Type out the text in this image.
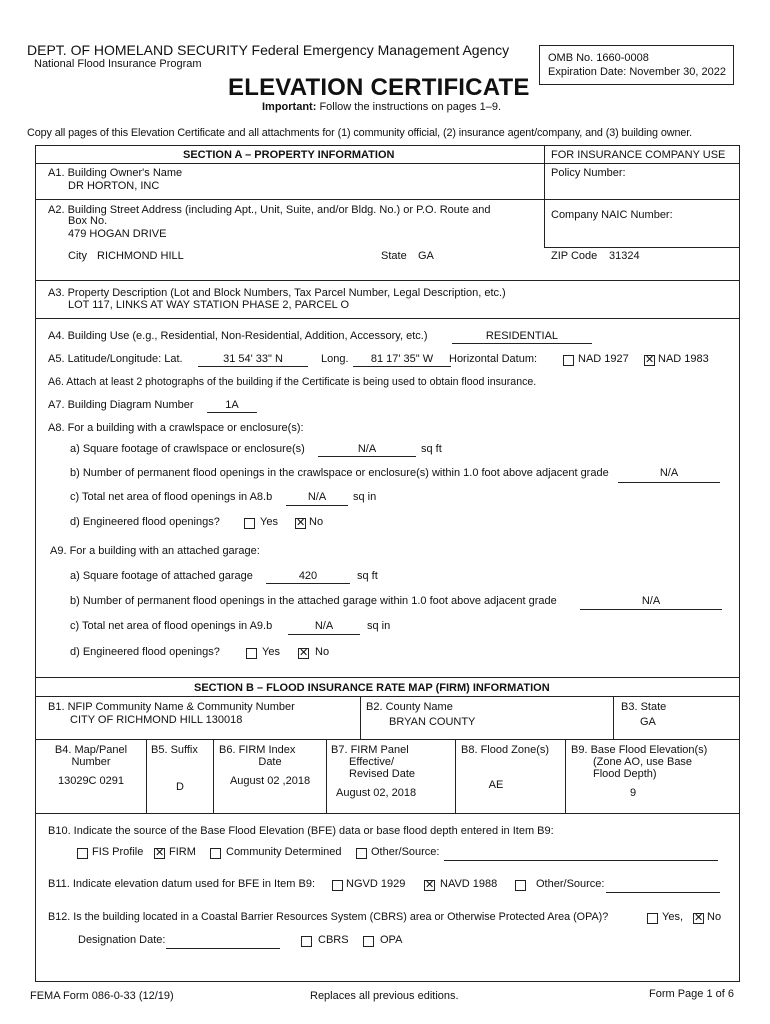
DEPT. OF HOMELAND SECURITY Federal Emergency Management Agency
National Flood Insurance Program	OMB No. 1660-0008
Expiration Date: November 30, 2022
ELEVATION CERTIFICATE
Important: Follow the instructions on pages 1–9.
Copy all pages of this Elevation Certificate and all attachments for (1) community official, (2) insurance agent/company, and (3) building owner.
SECTION A – PROPERTY INFORMATION	FOR INSURANCE COMPANY USE
A1. Building Owner's Name
DR HORTON, INC
Policy Number:
A2. Building Street Address (including Apt., Unit, Suite, and/or Bldg. No.) or P.O. Route and
Box No.
479 HOGAN DRIVE
Company NAIC Number:
City RICHMOND HILL	State GA	ZIP Code 31324
A3. Property Description (Lot and Block Numbers, Tax Parcel Number, Legal Description, etc.)
LOT 117, LINKS AT WAY STATION PHASE 2, PARCEL O
A4. Building Use (e.g., Residential, Non-Residential, Addition, Accessory, etc.)	RESIDENTIAL
A5. Latitude/Longitude: Lat.	31 54' 33" N	Long.	81 17' 35" W	Horizontal Datum:	NAD 1927 ✕ NAD 1983
A6. Attach at least 2 photographs of the building if the Certificate is being used to obtain flood insurance.
A7. Building Diagram Number	1A
A8. For a building with a crawlspace or enclosure(s):
a) Square footage of crawlspace or enclosure(s)	N/A	sq ft
b) Number of permanent flood openings in the crawlspace or enclosure(s) within 1.0 foot above adjacent grade	N/A
c) Total net area of flood openings in A8.b	N/A	sq in
d) Engineered flood openings?	Yes ✕ No
A9. For a building with an attached garage:
a) Square footage of attached garage	420	sq ft
b) Number of permanent flood openings in the attached garage within 1.0 foot above adjacent grade	N/A
c) Total net area of flood openings in A9.b	N/A	sq in
d) Engineered flood openings?	Yes ✕ No
SECTION B – FLOOD INSURANCE RATE MAP (FIRM) INFORMATION
B1. NFIP Community Name & Community Number
CITY OF RICHMOND HILL 130018
B2. County Name
BRYAN COUNTY
B3. State
GA
B4. Map/Panel
Number
13029C 0291
B5. Suffix
D
B6. FIRM Index
Date
August 02 ,2018
B7. FIRM Panel
Effective/
Revised Date
August 02, 2018
B8. Flood Zone(s)
AE
B9. Base Flood Elevation(s)
(Zone AO, use Base
Flood Depth)
9
B10. Indicate the source of the Base Flood Elevation (BFE) data or base flood depth entered in Item B9:
FIS Profile ✕ FIRM	Community Determined	Other/Source:
B11. Indicate elevation datum used for BFE in Item B9:	NGVD 1929 ✕ NAVD 1988	Other/Source:
B12. Is the building located in a Coastal Barrier Resources System (CBRS) area or Otherwise Protected Area (OPA)?	Yes, ✕ No
Designation Date:	CBRS	OPA
FEMA Form 086-0-33 (12/19)	Replaces all previous editions.	Form Page 1 of 6
